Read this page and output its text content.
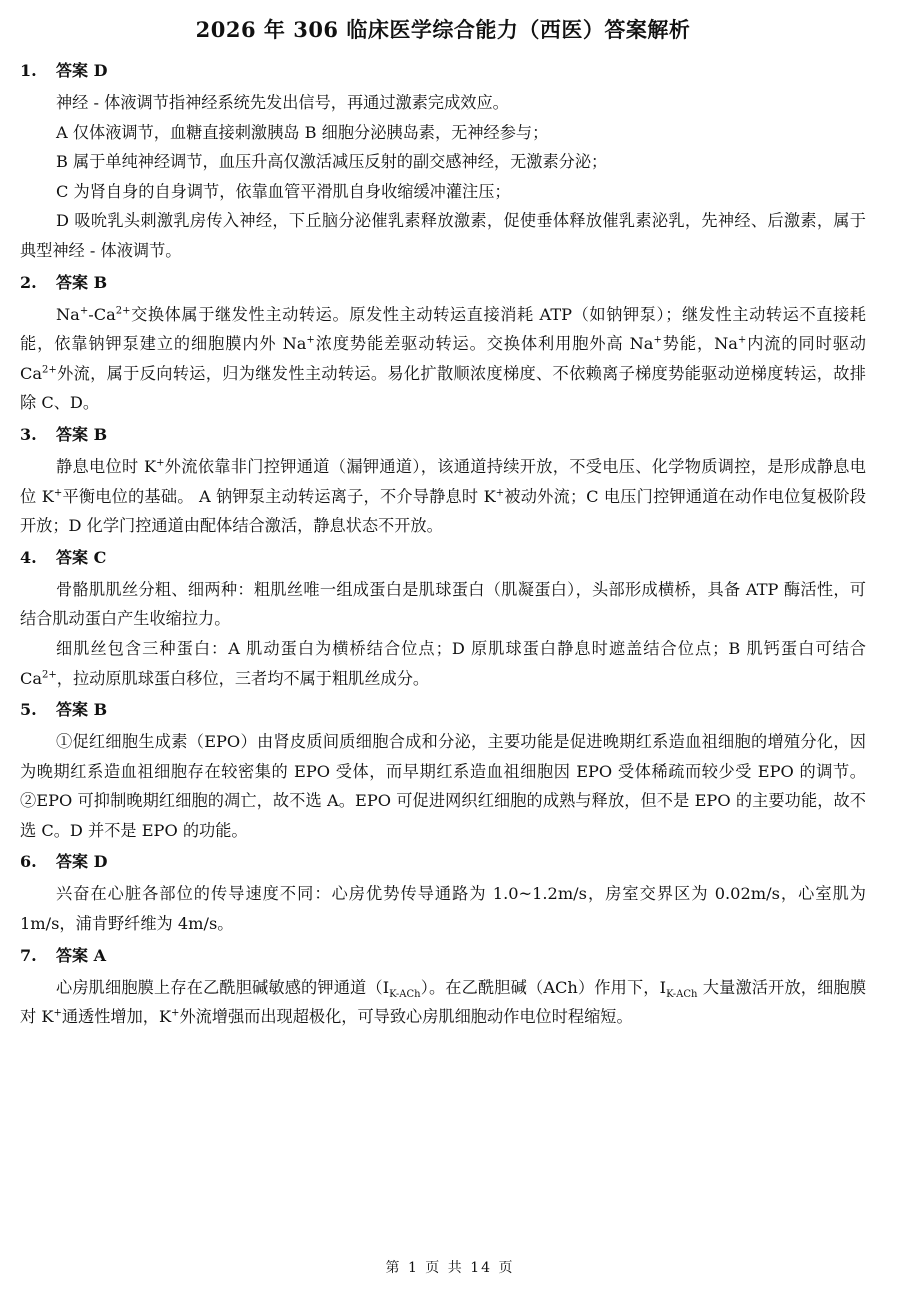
2026 年 306 临床医学综合能力（西医）答案解析
1.	答案 D

神经 - 体液调节指神经系统先发出信号，再通过激素完成效应。

A 仅体液调节，血糖直接刺激胰岛 B 细胞分泌胰岛素，无神经参与；

B 属于单纯神经调节，血压升高仅激活减压反射的副交感神经，无激素分泌；

C 为肾自身的自身调节，依靠血管平滑肌自身收缩缓冲灌注压；

D 吸吮乳头刺激乳房传入神经，下丘脑分泌催乳素释放激素，促使垂体释放催乳素泌乳，先神经、后激素，属于典型神经 - 体液调节。

2.	答案 B

$Na^+-Ca^{2+}$交换体属于继发性主动转运。原发性主动转运直接消耗 ATP（如钠钾泵）；继发性主动转运不直接耗能，依靠钠钾泵建立的细胞膜内外 Na+浓度势能差驱动转运。交换体利用胞外高 Na+势能，Na+内流的同时驱动 $Ca^{2+}$外流，属于反向转运，归为继发性主动转运。易化扩散顺浓度梯度、不依赖离子梯度势能驱动逆梯度转运，故排除 C、D。

3.	答案 B

静息电位时 K+外流依靠非门控钾通道（漏钾通道），该通道持续开放，不受电压、化学物质调控，是形成静息电位 K+平衡电位的基础。 A 钠钾泵主动转运离子，不介导静息时 K+被动外流；C 电压门控钾通道在动作电位复极阶段开放；D 化学门控通道由配体结合激活，静息状态不开放。

4.	答案 C

骨骼肌肌丝分粗、细两种：粗肌丝唯一组成蛋白是肌球蛋白（肌凝蛋白），头部形成横桥，具备 ATP 酶活性，可结合肌动蛋白产生收缩拉力。

细肌丝包含三种蛋白：A 肌动蛋白为横桥结合位点；D 原肌球蛋白静息时遮盖结合位点；B 肌钙蛋白可结合 $Ca^{2+}$，拉动原肌球蛋白移位，三者均不属于粗肌丝成分。

5.	答案 B

①促红细胞生成素（EPO）由肾皮质间质细胞合成和分泌，主要功能是促进晚期红系造血祖细胞的增殖分化，因为晚期红系造血祖细胞存在较密集的 EPO 受体，而早期红系造血祖细胞因 EPO 受体稀疏而较少受 EPO 的调节。②EPO 可抑制晚期红细胞的凋亡，故不选 A。EPO 可促进网织红细胞的成熟与释放，但不是 EPO 的主要功能，故不选 C。D 并不是 EPO 的功能。

6.	答案 D

兴奋在心脏各部位的传导速度不同：心房优势传导通路为 1.0~1.2m/s，房室交界区为 0.02m/s，心室肌为 1m/s，浦肯野纤维为 4m/s。

7.	答案 A

心房肌细胞膜上存在乙酰胆碱敏感的钾通道$(I_{K-ACh})$。在乙酰胆碱（ACh）作用下，$I_{K-ACh}$ 大量激活开放，细胞膜对 K+通透性增加，K+外流增强而出现超极化，可导致心房肌细胞动作电位时程缩短。

第 1 页 共 14 页
